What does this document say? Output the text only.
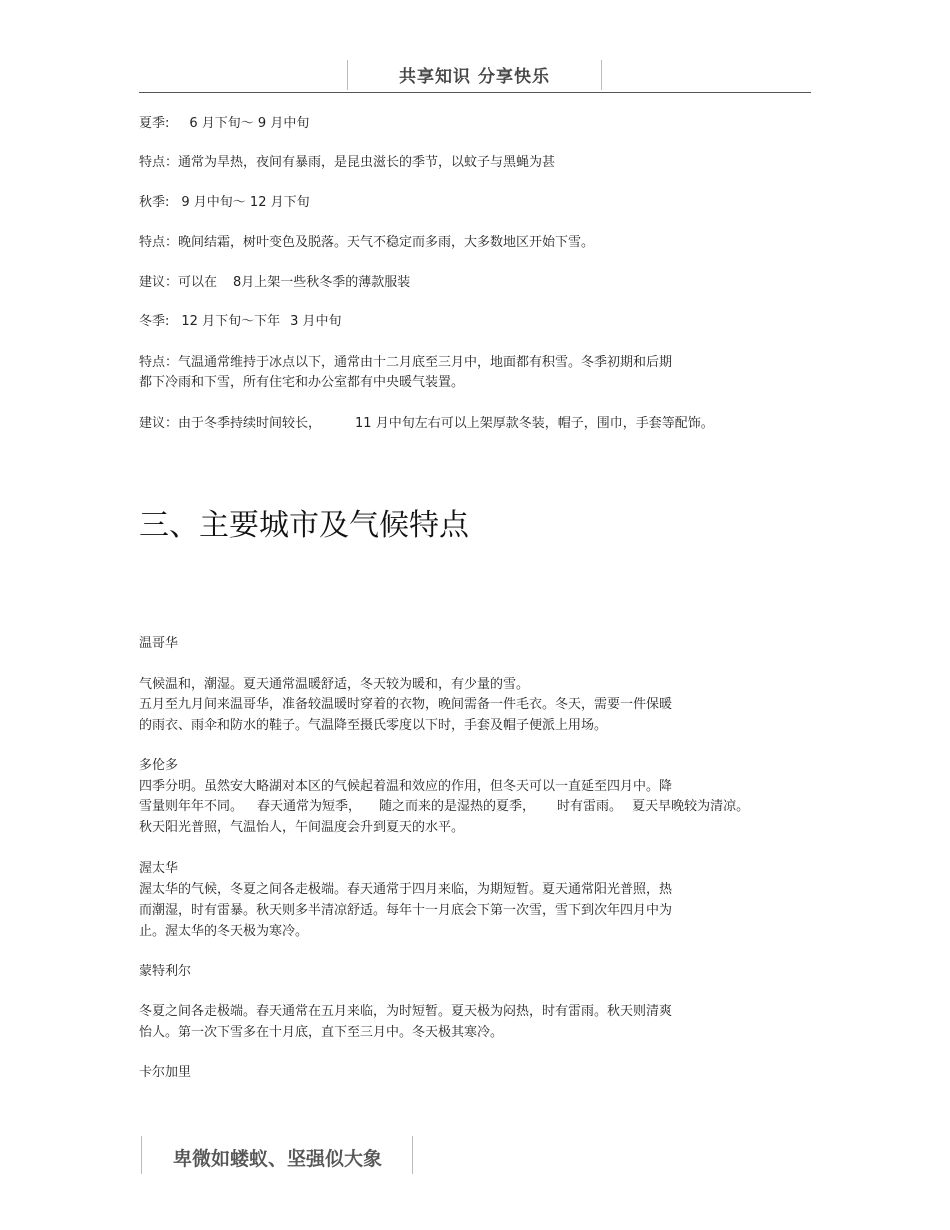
共享知识 分享快乐
夏季: 6 月下旬～ 9 月中旬
特点：通常为旱热，夜间有暴雨，是昆虫滋长的季节，以蚊子与黑蝇为甚
秋季: 9 月中旬～ 12 月下旬
特点：晚间结霜，树叶变色及脱落。天气不稳定而多雨，大多数地区开始下雪。
建议：可以在 8月上架一些秋冬季的薄款服装
冬季: 12 月下旬～下年 3 月中旬
特点：气温通常维持于冰点以下，通常由十二月底至三月中，地面都有积雪。冬季初期和后期
都下冷雨和下雪，所有住宅和办公室都有中央暖气装置。
建议：由于冬季持续时间较长，	11 月中旬左右可以上架厚款冬装，帽子，围巾，手套等配饰。
三、主要城市及气候特点
温哥华
气候温和，潮湿。夏天通常温暖舒适，冬天较为暖和，有少量的雪。
五月至九月间来温哥华，准备较温暖时穿着的衣物，晚间需备一件毛衣。冬天，需要一件保暖
的雨衣、雨伞和防水的鞋子。气温降至摄氏零度以下时，手套及帽子便派上用场。
多伦多
四季分明。虽然安大略湖对本区的气候起着温和效应的作用，但冬天可以一直延至四月中。降
雪量则年年不同。 春天通常为短季， 随之而来的是湿热的夏季， 时有雷雨。 夏天早晚较为清凉。
秋天阳光普照，气温怡人，午间温度会升到夏天的水平。
渥太华
渥太华的气候，冬夏之间各走极端。春天通常于四月来临，为期短暂。夏天通常阳光普照，热
而潮湿，时有雷暴。秋天则多半清凉舒适。每年十一月底会下第一次雪，雪下到次年四月中为
止。渥太华的冬天极为寒冷。
蒙特利尔
冬夏之间各走极端。春天通常在五月来临，为时短暂。夏天极为闷热，时有雷雨。秋天则清爽
怡人。第一次下雪多在十月底，直下至三月中。冬天极其寒冷。
卡尔加里
卑微如蝼蚁、坚强似大象
